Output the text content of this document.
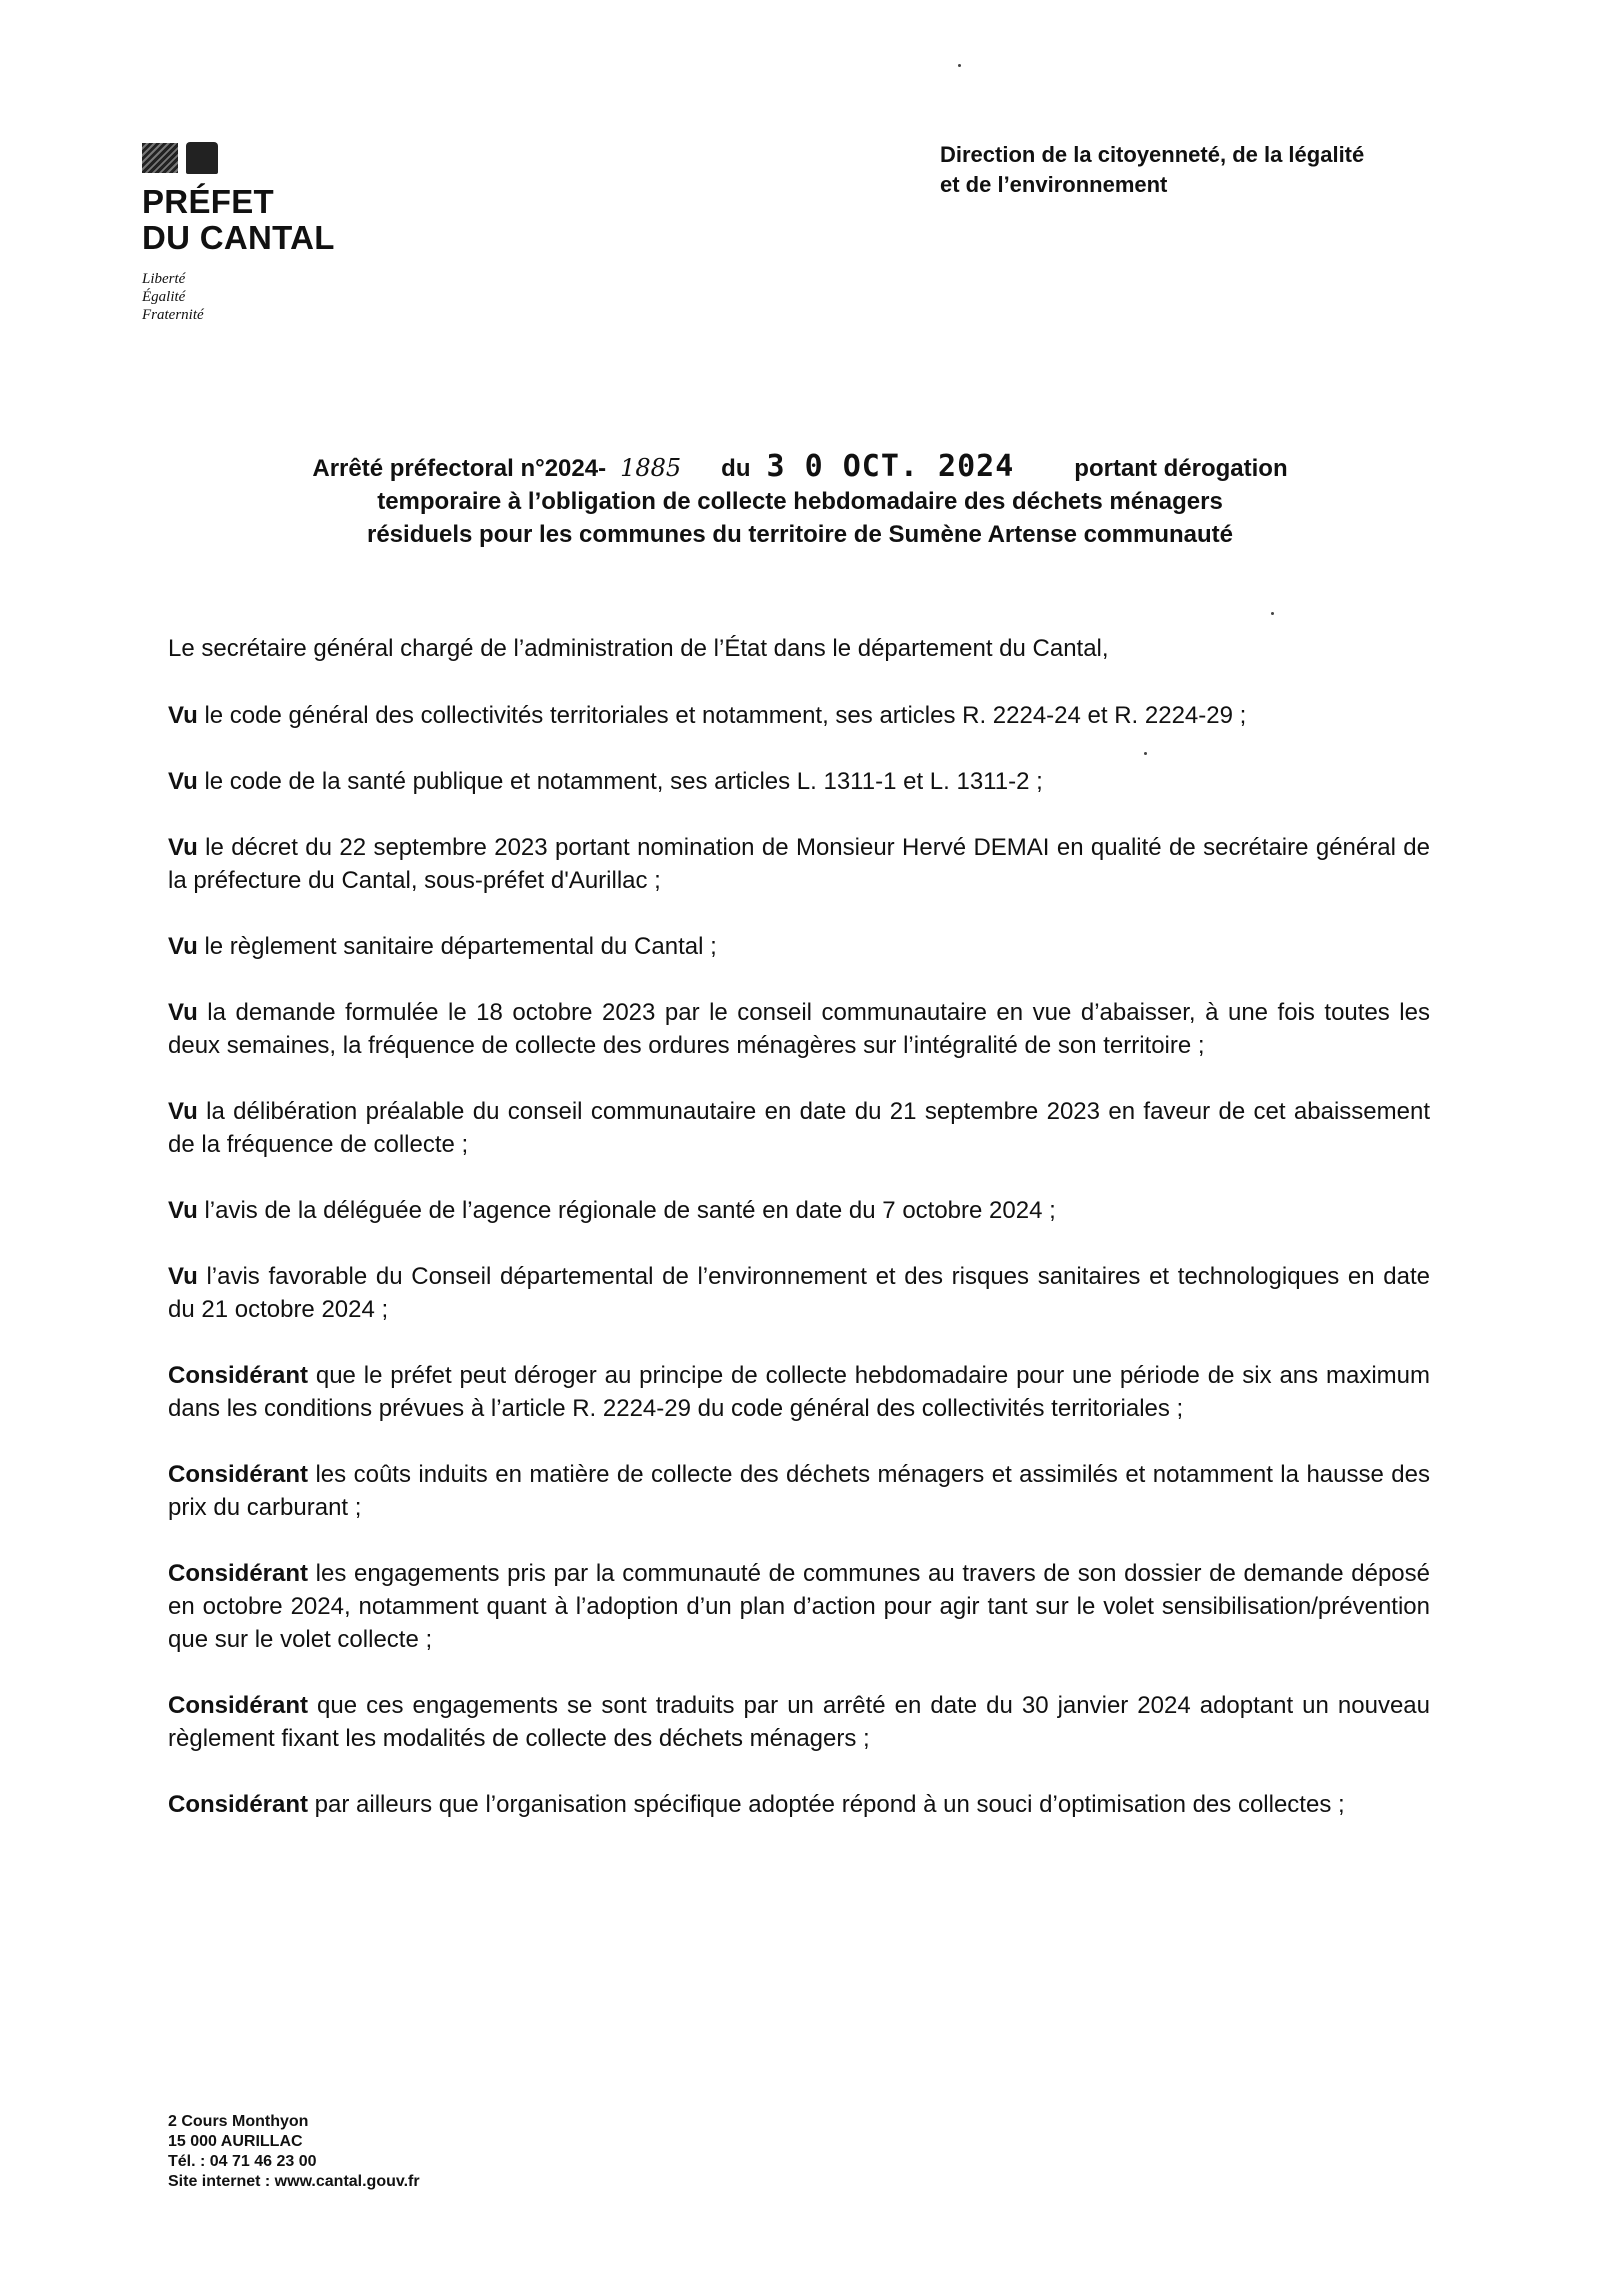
PRÉFET
DU CANTAL
Liberté
Égalité
Fraternité
Direction de la citoyenneté, de la légalité
et de l’environnement
Arrêté préfectoral n°2024- 1885 du 3 0 OCT. 2024	portant dérogation
temporaire à l’obligation de collecte hebdomadaire des déchets ménagers
résiduels pour les communes du territoire de Sumène Artense communauté

Le secrétaire général chargé de l’administration de l’État dans le département du Cantal,

Vu le code général des collectivités territoriales et notamment, ses articles R. 2224-24 et R. 2224-29 ;

Vu le code de la santé publique et notamment, ses articles L. 1311-1 et L. 1311-2 ;

Vu le décret du 22 septembre 2023 portant nomination de Monsieur Hervé DEMAI en qualité de secrétaire général de la préfecture du Cantal, sous-préfet d'Aurillac ;

Vu le règlement sanitaire départemental du Cantal ;

Vu la demande formulée le 18 octobre 2023 par le conseil communautaire en vue d’abaisser, à une fois toutes les deux semaines, la fréquence de collecte des ordures ménagères sur l’intégralité de son territoire ;

Vu la délibération préalable du conseil communautaire en date du 21 septembre 2023 en faveur de cet abaissement de la fréquence de collecte ;

Vu l’avis de la déléguée de l’agence régionale de santé en date du 7 octobre 2024 ;

Vu l’avis favorable du Conseil départemental de l’environnement et des risques sanitaires et technologiques en date du 21 octobre 2024 ;

Considérant que le préfet peut déroger au principe de collecte hebdomadaire pour une période de six ans maximum dans les conditions prévues à l’article R. 2224-29 du code général des collectivités territoriales ;

Considérant les coûts induits en matière de collecte des déchets ménagers et assimilés et notamment la hausse des prix du carburant ;

Considérant les engagements pris par la communauté de communes au travers de son dossier de demande déposé en octobre 2024, notamment quant à l’adoption d’un plan d’action pour agir tant sur le volet sensibilisation/prévention que sur le volet collecte ;

Considérant que ces engagements se sont traduits par un arrêté en date du 30 janvier 2024 adoptant un nouveau règlement fixant les modalités de collecte des déchets ménagers ;

Considérant par ailleurs que l’organisation spécifique adoptée répond à un souci d’optimisation des collectes ;

2 Cours Monthyon
15 000 AURILLAC
Tél. : 04 71 46 23 00
Site internet : www.cantal.gouv.fr
